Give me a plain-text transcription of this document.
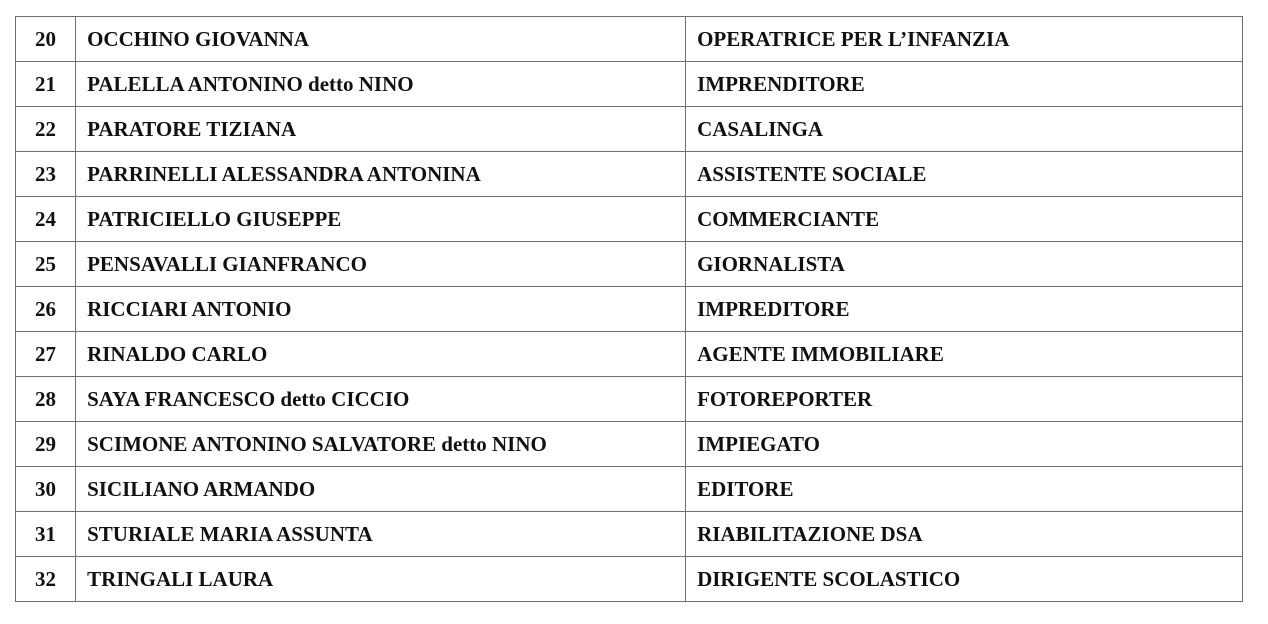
20	OCCHINO GIOVANNA	OPERATRICE PER L’INFANZIA
21	PALELLA ANTONINO detto NINO	IMPRENDITORE
22	PARATORE TIZIANA	CASALINGA
23	PARRINELLI ALESSANDRA ANTONINA	ASSISTENTE SOCIALE
24	PATRICIELLO GIUSEPPE	COMMERCIANTE
25	PENSAVALLI GIANFRANCO	GIORNALISTA
26	RICCIARI ANTONIO	IMPREDITORE
27	RINALDO CARLO	AGENTE IMMOBILIARE
28	SAYA FRANCESCO detto CICCIO	FOTOREPORTER
29	SCIMONE ANTONINO SALVATORE detto NINO	IMPIEGATO
30	SICILIANO ARMANDO	EDITORE
31	STURIALE MARIA ASSUNTA	RIABILITAZIONE DSA
32	TRINGALI LAURA	DIRIGENTE SCOLASTICO
